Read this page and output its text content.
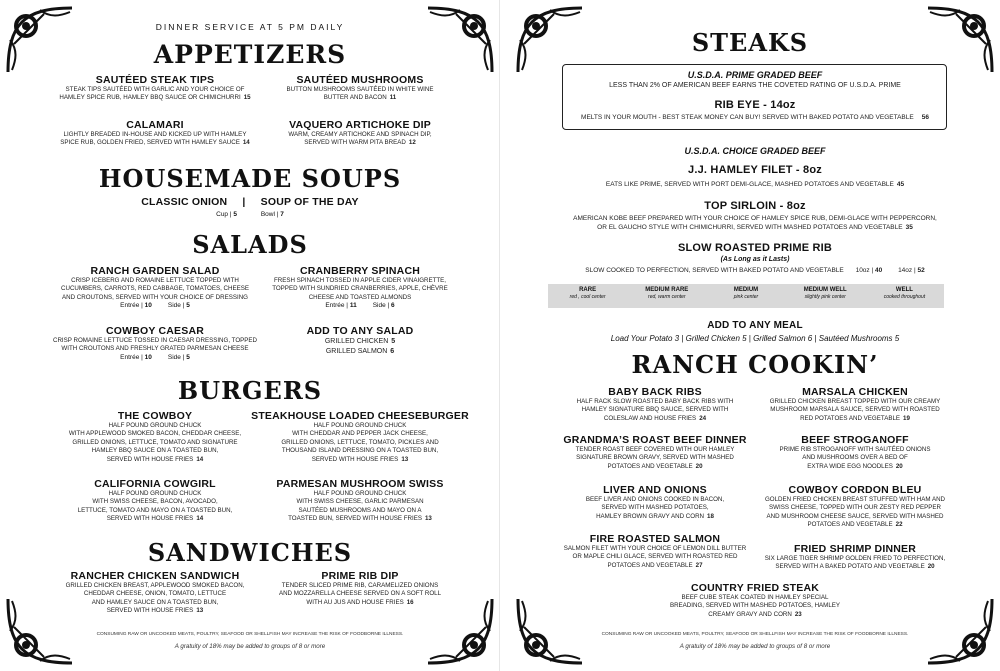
DINNER SERVICE AT 5 PM DAILY
APPETIZERS
SAUTÉED STEAK TIPS
STEAK TIPS SAUTÉED WITH GARLIC AND YOUR CHOICE OF
HAMLEY SPICE RUB, HAMLEY BBQ SAUCE OR CHIMICHURRI 15
SAUTÉED MUSHROOMS
BUTTON MUSHROOMS SAUTÉED IN WHITE WINE
BUTTER AND BACON 11
CALAMARI
LIGHTLY BREADED IN-HOUSE AND KICKED UP WITH HAMLEY
SPICE RUB, GOLDEN FRIED, SERVED WITH HAMLEY SAUCE 14
VAQUERO ARTICHOKE DIP
WARM, CREAMY ARTICHOKE AND SPINACH DIP,
SERVED WITH WARM PITA BREAD 12
HOUSEMADE SOUPS
CLASSIC ONION | SOUP OF THE DAY
Cup | 5	Bowl | 7
SALADS
RANCH GARDEN SALAD
CRISP ICEBERG AND ROMAINE LETTUCE TOPPED WITH
CUCUMBERS, CARROTS, RED CABBAGE, TOMATOES, CHEESE
AND CROUTONS, SERVED WITH YOUR CHOICE OF DRESSING
Entrée | 10 Side | 5
CRANBERRY SPINACH
FRESH SPINACH TOSSED IN APPLE CIDER VINAIGRETTE,
TOPPED WITH SUNDRIED CRANBERRIES, APPLE, CHÈVRE
CHEESE AND TOASTED ALMONDS
Entrée | 11 Side | 6
COWBOY CAESAR
CRISP ROMAINE LETTUCE TOSSED IN CAESAR DRESSING, TOPPED
WITH CROUTONS AND FRESHLY GRATED PARMESAN CHEESE
Entrée | 10 Side | 5
ADD TO ANY SALAD
GRILLED CHICKEN 5
GRILLED SALMON 6
BURGERS
SANDWICHES
CONSUMING RAW OR UNCOOKED MEATS, POULTRY, SEAFOOD OR SHELLFISH MAY INCREASE THE RISK OF FOODBORNE ILLNESS.
A gratuity of 18% may be added to groups of 8 or more
THE COWBOY
HALF POUND GROUND CHUCK
WITH APPLEWOOD SMOKED BACON, CHEDDAR CHEESE,
GRILLED ONIONS, LETTUCE, TOMATO AND SIGNATURE
HAMLEY BBQ SAUCE ON A TOASTED BUN,
SERVED WITH HOUSE FRIES 14
STEAKHOUSE LOADED CHEESEBURGER
HALF POUND GROUND CHUCK
WITH CHEDDAR AND PEPPER JACK CHEESE,
GRILLED ONIONS, LETTUCE, TOMATO, PICKLES AND
THOUSAND ISLAND DRESSING ON A TOASTED BUN,
SERVED WITH HOUSE FRIES 13
CALIFORNIA COWGIRL
HALF POUND GROUND CHUCK
WITH SWISS CHEESE, BACON, AVOCADO,
LETTUCE, TOMATO AND MAYO ON A TOASTED BUN,
SERVED WITH HOUSE FRIES 14
PARMESAN MUSHROOM SWISS
HALF POUND GROUND CHUCK
WITH SWISS CHEESE, GARLIC PARMESAN
SAUTÉED MUSHROOMS AND MAYO ON A
TOASTED BUN, SERVED WITH HOUSE FRIES 13
RANCHER CHICKEN SANDWICH
GRILLED CHICKEN BREAST, APPLEWOOD SMOKED BACON,
CHEDDAR CHEESE, ONION, TOMATO, LETTUCE
AND HAMLEY SAUCE ON A TOASTED BUN,
SERVED WITH HOUSE FRIES 13
PRIME RIB DIP
TENDER SLICED PRIME RIB, CARAMELIZED ONIONS
AND MOZZARELLA CHEESE SERVED ON A SOFT ROLL
WITH AU JUS AND HOUSE FRIES 16
STEAKS
U.S.D.A. PRIME GRADED BEEF
LESS THAN 2% OF AMERICAN BEEF EARNS THE COVETED RATING OF U.S.D.A. PRIME
RIB EYE - 14oz
MELTS IN YOUR MOUTH - BEST STEAK MONEY CAN BUY! SERVED WITH BAKED POTATO AND VEGETABLE 56
U.S.D.A. CHOICE GRADED BEEF
J.J. HAMLEY FILET - 8oz
EATS LIKE PRIME, SERVED WITH PORT DEMI-GLACE, MASHED POTATOES AND VEGETABLE 45
TOP SIRLOIN - 8oz
AMERICAN KOBE BEEF PREPARED WITH YOUR CHOICE OF HAMLEY SPICE RUB, DEMI-GLACE WITH PEPPERCORN,
OR EL GAUCHO STYLE WITH CHIMICHURRI, SERVED WITH MASHED POTATOES AND VEGETABLE 35
SLOW ROASTED PRIME RIB
(As Long as it Lasts)
SLOW COOKED TO PERFECTION, SERVED WITH BAKED POTATO AND VEGETABLE 10oz | 40 14oz | 52
RARE
red , cool center
MEDIUM RARE
red, warm center
MEDIUM
pink center
MEDIUM WELL
slightly pink center
WELL
cooked throughout
ADD TO ANY MEAL
Load Your Potato 3 | Grilled Chicken 5 | Grilled Salmon 6 | Sautéed Mushrooms 5
RANCH COOKIN’
CONSUMING RAW OR UNCOOKED MEATS, POULTRY, SEAFOOD OR SHELLFISH MAY INCREASE THE RISK OF FOODBORNE ILLNESS.
A gratuity of 18% may be added to groups of 8 or more
BABY BACK RIBS
HALF RACK SLOW ROASTED BABY BACK RIBS WITH
HAMLEY SIGNATURE BBQ SAUCE, SERVED WITH
COLESLAW AND HOUSE FRIES 24
MARSALA CHICKEN
GRILLED CHICKEN BREAST TOPPED WITH OUR CREAMY
MUSHROOM MARSALA SAUCE, SERVED WITH ROASTED
RED POTATOES AND VEGETABLE 19
GRANDMA’S ROAST BEEF DINNER
TENDER ROAST BEEF COVERED WITH OUR HAMLEY
SIGNATURE BROWN GRAVY, SERVED WITH MASHED
POTATOES AND VEGETABLE 20
BEEF STROGANOFF
PRIME RIB STROGANOFF WITH SAUTÉED ONIONS
AND MUSHROOMS OVER A BED OF
EXTRA WIDE EGG NOODLES 20
LIVER AND ONIONS
BEEF LIVER AND ONIONS COOKED IN BACON,
SERVED WITH MASHED POTATOES,
HAMLEY BROWN GRAVY AND CORN 18
COWBOY CORDON BLEU
GOLDEN FRIED CHICKEN BREAST STUFFED WITH HAM AND
SWISS CHEESE, TOPPED WITH OUR ZESTY RED PEPPER
AND MUSHROOM CHEESE SAUCE, SERVED WITH MASHED
POTATOES AND VEGETABLE 22
FIRE ROASTED SALMON
SALMON FILET WITH YOUR CHOICE OF LEMON DILL BUTTER
OR MAPLE CHILI GLACE, SERVED WITH ROASTED RED
POTATOES AND VEGETABLE 27
FRIED SHRIMP DINNER
SIX LARGE TIGER SHRIMP GOLDEN FRIED TO PERFECTION,
SERVED WITH A BAKED POTATO AND VEGETABLE 20
COUNTRY FRIED STEAK
BEEF CUBE STEAK COATED IN HAMLEY SPECIAL
BREADING, SERVED WITH MASHED POTATOES, HAMLEY
CREAMY GRAVY AND CORN 23
